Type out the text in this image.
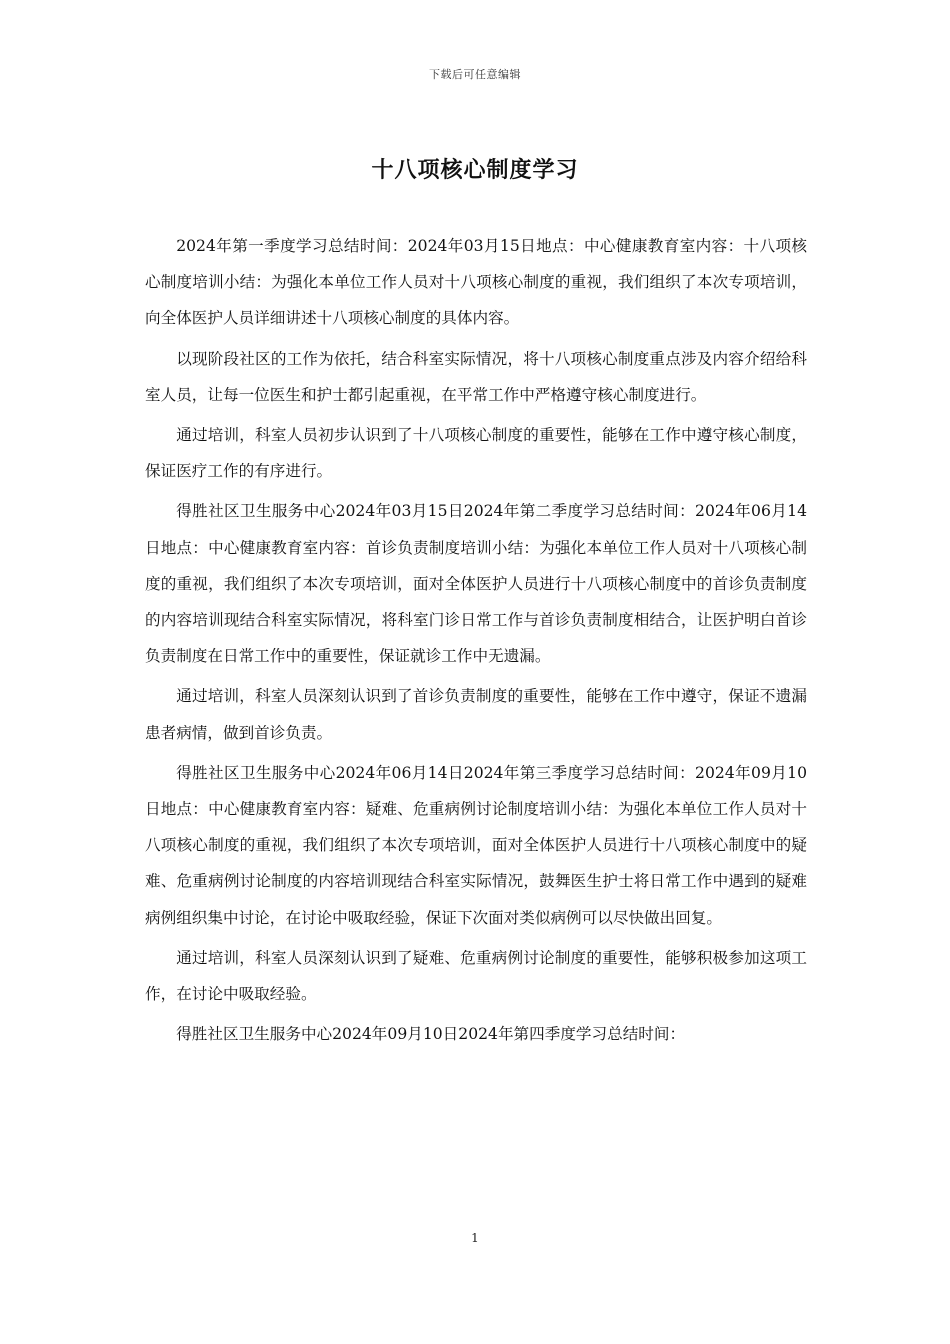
下载后可任意编辑
十八项核心制度学习

2024年第一季度学习总结时间：2024年03月15日地点：中心健康教育室内容：十八项核心制度培训小结：为强化本单位工作人员对十八项核心制度的重视，我们组织了本次专项培训，向全体医护人员详细讲述十八项核心制度的具体内容。

以现阶段社区的工作为依托，结合科室实际情况，将十八项核心制度重点涉及内容介绍给科室人员，让每一位医生和护士都引起重视，在平常工作中严格遵守核心制度进行。

通过培训，科室人员初步认识到了十八项核心制度的重要性，能够在工作中遵守核心制度，保证医疗工作的有序进行。

得胜社区卫生服务中心2024年03月15日2024年第二季度学习总结时间：2024年06月14日地点：中心健康教育室内容：首诊负责制度培训小结：为强化本单位工作人员对十八项核心制度的重视，我们组织了本次专项培训，面对全体医护人员进行十八项核心制度中的首诊负责制度的内容培训现结合科室实际情况，将科室门诊日常工作与首诊负责制度相结合，让医护明白首诊负责制度在日常工作中的重要性，保证就诊工作中无遗漏。

通过培训，科室人员深刻认识到了首诊负责制度的重要性，能够在工作中遵守，保证不遗漏患者病情，做到首诊负责。

得胜社区卫生服务中心2024年06月14日2024年第三季度学习总结时间：2024年09月10日地点：中心健康教育室内容：疑难、危重病例讨论制度培训小结：为强化本单位工作人员对十八项核心制度的重视，我们组织了本次专项培训，面对全体医护人员进行十八项核心制度中的疑难、危重病例讨论制度的内容培训现结合科室实际情况，鼓舞医生护士将日常工作中遇到的疑难病例组织集中讨论，在讨论中吸取经验，保证下次面对类似病例可以尽快做出回复。

通过培训，科室人员深刻认识到了疑难、危重病例讨论制度的重要性，能够积极参加这项工作，在讨论中吸取经验。

得胜社区卫生服务中心2024年09月10日2024年第四季度学习总结时间：

1
